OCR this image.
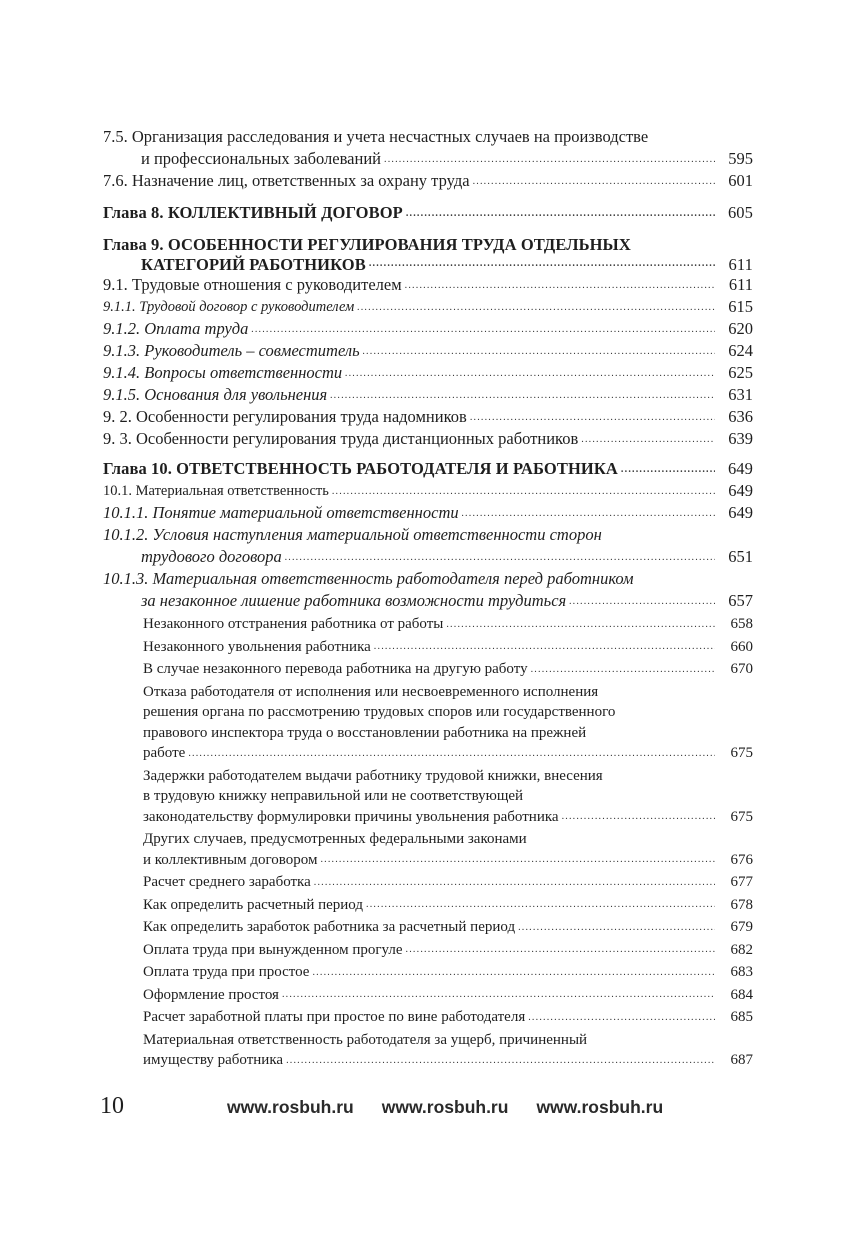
7.5. Организация расследования и учета несчастных случаев на производстве
и профессиональных заболеваний .....	595
7.6. Назначение лиц, ответственных за охрану труда .....	601
Глава 8. КОЛЛЕКТИВНЫЙ ДОГОВОР .....	605
Глава 9. ОСОБЕННОСТИ РЕГУЛИРОВАНИЯ ТРУДА ОТДЕЛЬНЫХ
КАТЕГОРИЙ РАБОТНИКОВ .....	611
9.1. Трудовые отношения с руководителем .....	611
9.1.1. Трудовой договор с руководителем .....	615
9.1.2. Оплата труда .....	620
9.1.3. Руководитель – совместитель .....	624
9.1.4. Вопросы ответственности .....	625
9.1.5. Основания для увольнения .....	631
9. 2. Особенности регулирования труда надомников .....	636
9. 3. Особенности регулирования труда дистанционных работников .....	639
Глава 10. ОТВЕТСТВЕННОСТЬ РАБОТОДАТЕЛЯ И РАБОТНИКА .....	649
10.1. Материальная ответственность .....	649
10.1.1. Понятие материальной ответственности .....	649
10.1.2. Условия наступления материальной ответственности сторон
трудового договора .....	651
10.1.3. Материальная ответственность работодателя перед работником
за незаконное лишение работника возможности трудиться .....	657
Незаконного отстранения работника от работы .....	658
Незаконного увольнения работника .....	660
В случае незаконного перевода работника на другую работу .....	670
Отказа работодателя от исполнения или несвоевременного исполнения
решения органа по рассмотрению трудовых споров или государственного
правового инспектора труда о восстановлении работника на прежней
работе .....	675
Задержки работодателем выдачи работнику трудовой книжки, внесения
в трудовую книжку неправильной или не соответствующей
законодательству формулировки причины увольнения работника .....	675
Других случаев, предусмотренных федеральными законами
и коллективным договором .....	676
Расчет среднего заработка .....	677
Как определить расчетный период .....	678
Как определить заработок работника за расчетный период .....	679
Оплата труда при вынужденном прогуле .....	682
Оплата труда при простое .....	683
Оформление простоя .....	684
Расчет заработной платы при простое по вине работодателя .....	685
Материальная ответственность работодателя за ущерб, причиненный
имуществу работника .....	687
10	www.rosbuh.ru www.rosbuh.ru www.rosbuh.ru
